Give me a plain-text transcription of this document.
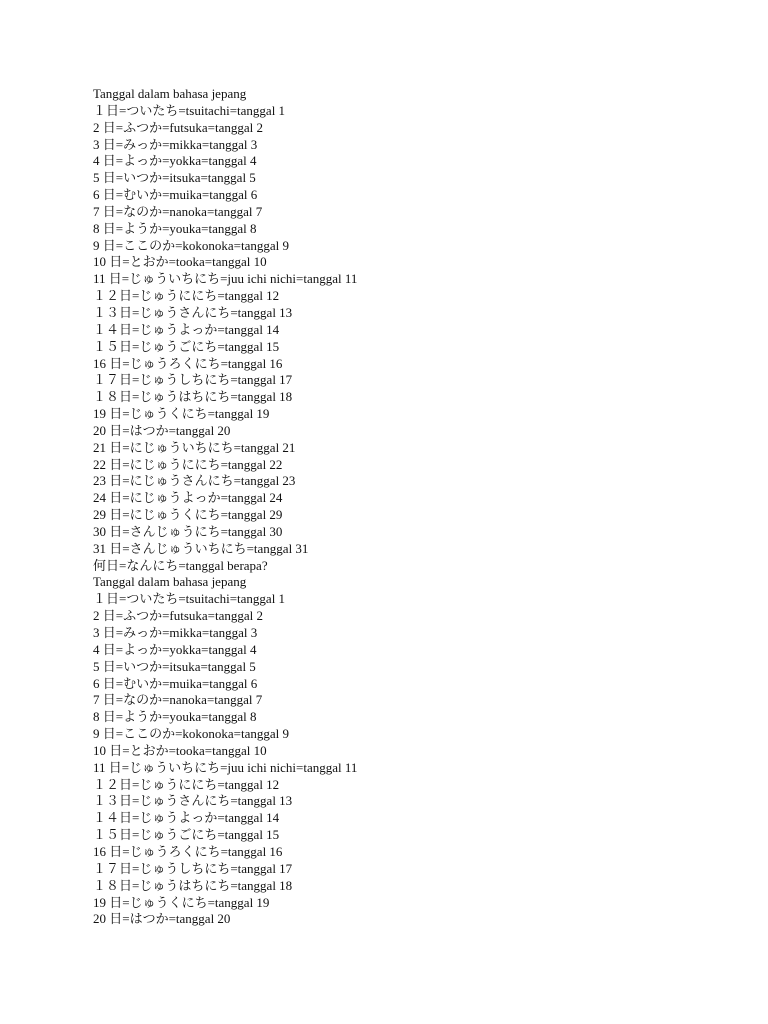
Tanggal dalam bahasa jepang
１日=ついたち=tsuitachi=tanggal 1
2 日=ふつか=futsuka=tanggal 2
3 日=みっか=mikka=tanggal 3
4 日=よっか=yokka=tanggal 4
5 日=いつか=itsuka=tanggal 5
6 日=むいか=muika=tanggal 6
7 日=なのか=nanoka=tanggal 7
8 日=ようか=youka=tanggal 8
9 日=ここのか=kokonoka=tanggal 9
10 日=とおか=tooka=tanggal 10
11 日=じゅういちにち=juu ichi nichi=tanggal 11
１２日=じゅうににち=tanggal 12
１３日=じゅうさんにち=tanggal 13
１４日=じゅうよっか=tanggal 14
１５日=じゅうごにち=tanggal 15
16 日=じゅうろくにち=tanggal 16
１７日=じゅうしちにち=tanggal 17
１８日=じゅうはちにち=tanggal 18
19 日=じゅうくにち=tanggal 19
20 日=はつか=tanggal 20
21 日=にじゅういちにち=tanggal 21
22 日=にじゅうににち=tanggal 22
23 日=にじゅうさんにち=tanggal 23
24 日=にじゅうよっか=tanggal 24
29 日=にじゅうくにち=tanggal 29
30 日=さんじゅうにち=tanggal 30
31 日=さんじゅういちにち=tanggal 31
何日=なんにち=tanggal berapa?
Tanggal dalam bahasa jepang
１日=ついたち=tsuitachi=tanggal 1
2 日=ふつか=futsuka=tanggal 2
3 日=みっか=mikka=tanggal 3
4 日=よっか=yokka=tanggal 4
5 日=いつか=itsuka=tanggal 5
6 日=むいか=muika=tanggal 6
7 日=なのか=nanoka=tanggal 7
8 日=ようか=youka=tanggal 8
9 日=ここのか=kokonoka=tanggal 9
10 日=とおか=tooka=tanggal 10
11 日=じゅういちにち=juu ichi nichi=tanggal 11
１２日=じゅうににち=tanggal 12
１３日=じゅうさんにち=tanggal 13
１４日=じゅうよっか=tanggal 14
１５日=じゅうごにち=tanggal 15
16 日=じゅうろくにち=tanggal 16
１７日=じゅうしちにち=tanggal 17
１８日=じゅうはちにち=tanggal 18
19 日=じゅうくにち=tanggal 19
20 日=はつか=tanggal 20
